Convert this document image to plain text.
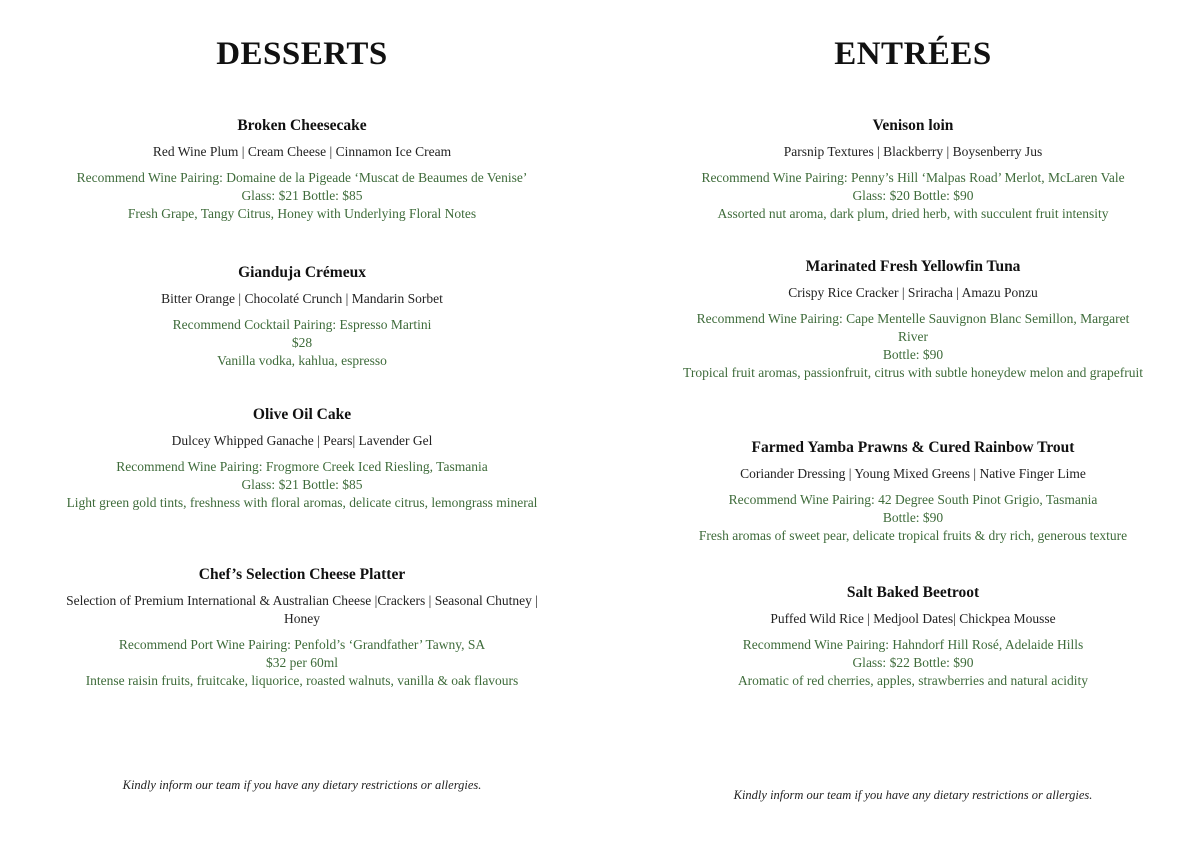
DESSERTS
Broken Cheesecake
Red Wine Plum | Cream Cheese | Cinnamon Ice Cream
Recommend Wine Pairing: Domaine de la Pigeade ‘Muscat de Beaumes de Venise’
Glass: $21 Bottle: $85
Fresh Grape, Tangy Citrus, Honey with Underlying Floral Notes
Gianduja Crémeux
Bitter Orange | Chocolaté Crunch | Mandarin Sorbet
Recommend Cocktail Pairing: Espresso Martini
$28
Vanilla vodka, kahlua, espresso
Olive Oil Cake
Dulcey Whipped Ganache | Pears| Lavender Gel
Recommend Wine Pairing: Frogmore Creek Iced Riesling, Tasmania
Glass: $21 Bottle: $85
Light green gold tints, freshness with floral aromas, delicate citrus, lemongrass mineral
Chef’s Selection Cheese Platter
Selection of Premium International & Australian Cheese |Crackers | Seasonal Chutney | Honey
Recommend Port Wine Pairing: Penfold’s ‘Grandfather’ Tawny, SA
$32 per 60ml
Intense raisin fruits, fruitcake, liquorice, roasted walnuts, vanilla & oak flavours
Kindly inform our team if you have any dietary restrictions or allergies.
ENTRÉES
Venison loin
Parsnip Textures | Blackberry | Boysenberry Jus
Recommend Wine Pairing: Penny’s Hill ‘Malpas Road’ Merlot, McLaren Vale
Glass: $20 Bottle: $90
Assorted nut aroma, dark plum, dried herb, with succulent fruit intensity
Marinated Fresh Yellowfin Tuna
Crispy Rice Cracker | Sriracha | Amazu Ponzu
Recommend Wine Pairing: Cape Mentelle Sauvignon Blanc Semillon, Margaret River
Bottle: $90
Tropical fruit aromas, passionfruit, citrus with subtle honeydew melon and grapefruit
Farmed Yamba Prawns & Cured Rainbow Trout
Coriander Dressing | Young Mixed Greens | Native Finger Lime
Recommend Wine Pairing: 42 Degree South Pinot Grigio, Tasmania
Bottle: $90
Fresh aromas of sweet pear, delicate tropical fruits & dry rich, generous texture
Salt Baked Beetroot
Puffed Wild Rice | Medjool Dates| Chickpea Mousse
Recommend Wine Pairing: Hahndorf Hill Rosé, Adelaide Hills
Glass: $22 Bottle: $90
Aromatic of red cherries, apples, strawberries and natural acidity
Kindly inform our team if you have any dietary restrictions or allergies.
